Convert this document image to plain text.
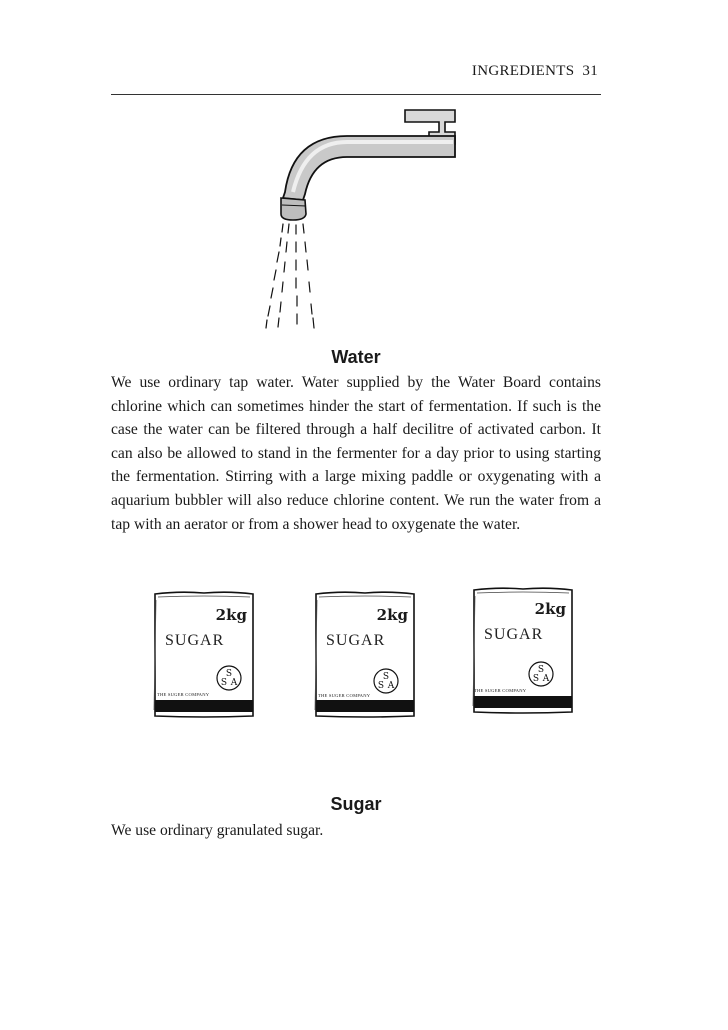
INGREDIENTS 31
Water

We use ordinary tap water. Water supplied by the Water Board contains chlorine which can sometimes hinder the start of fermentation. If such is the case the water can be filtered through a half decilitre of activated carbon. It can also be allowed to stand in the fermenter for a day prior to using starting the fermentation. Stirring with a large mixing paddle or oxygenating with a aquarium bubbler will also reduce chlorine content. We run the water from a tap with an aerator or from a shower head to oxygenate the water.

S
S A
2kg
SUGAR
THE SUGER COMPANY
S
S A
2kg
SUGAR
THE SUGER COMPANY
S
S A
2kg
SUGAR
THE SUGER COMPANY
Sugar

We use ordinary granulated sugar.
